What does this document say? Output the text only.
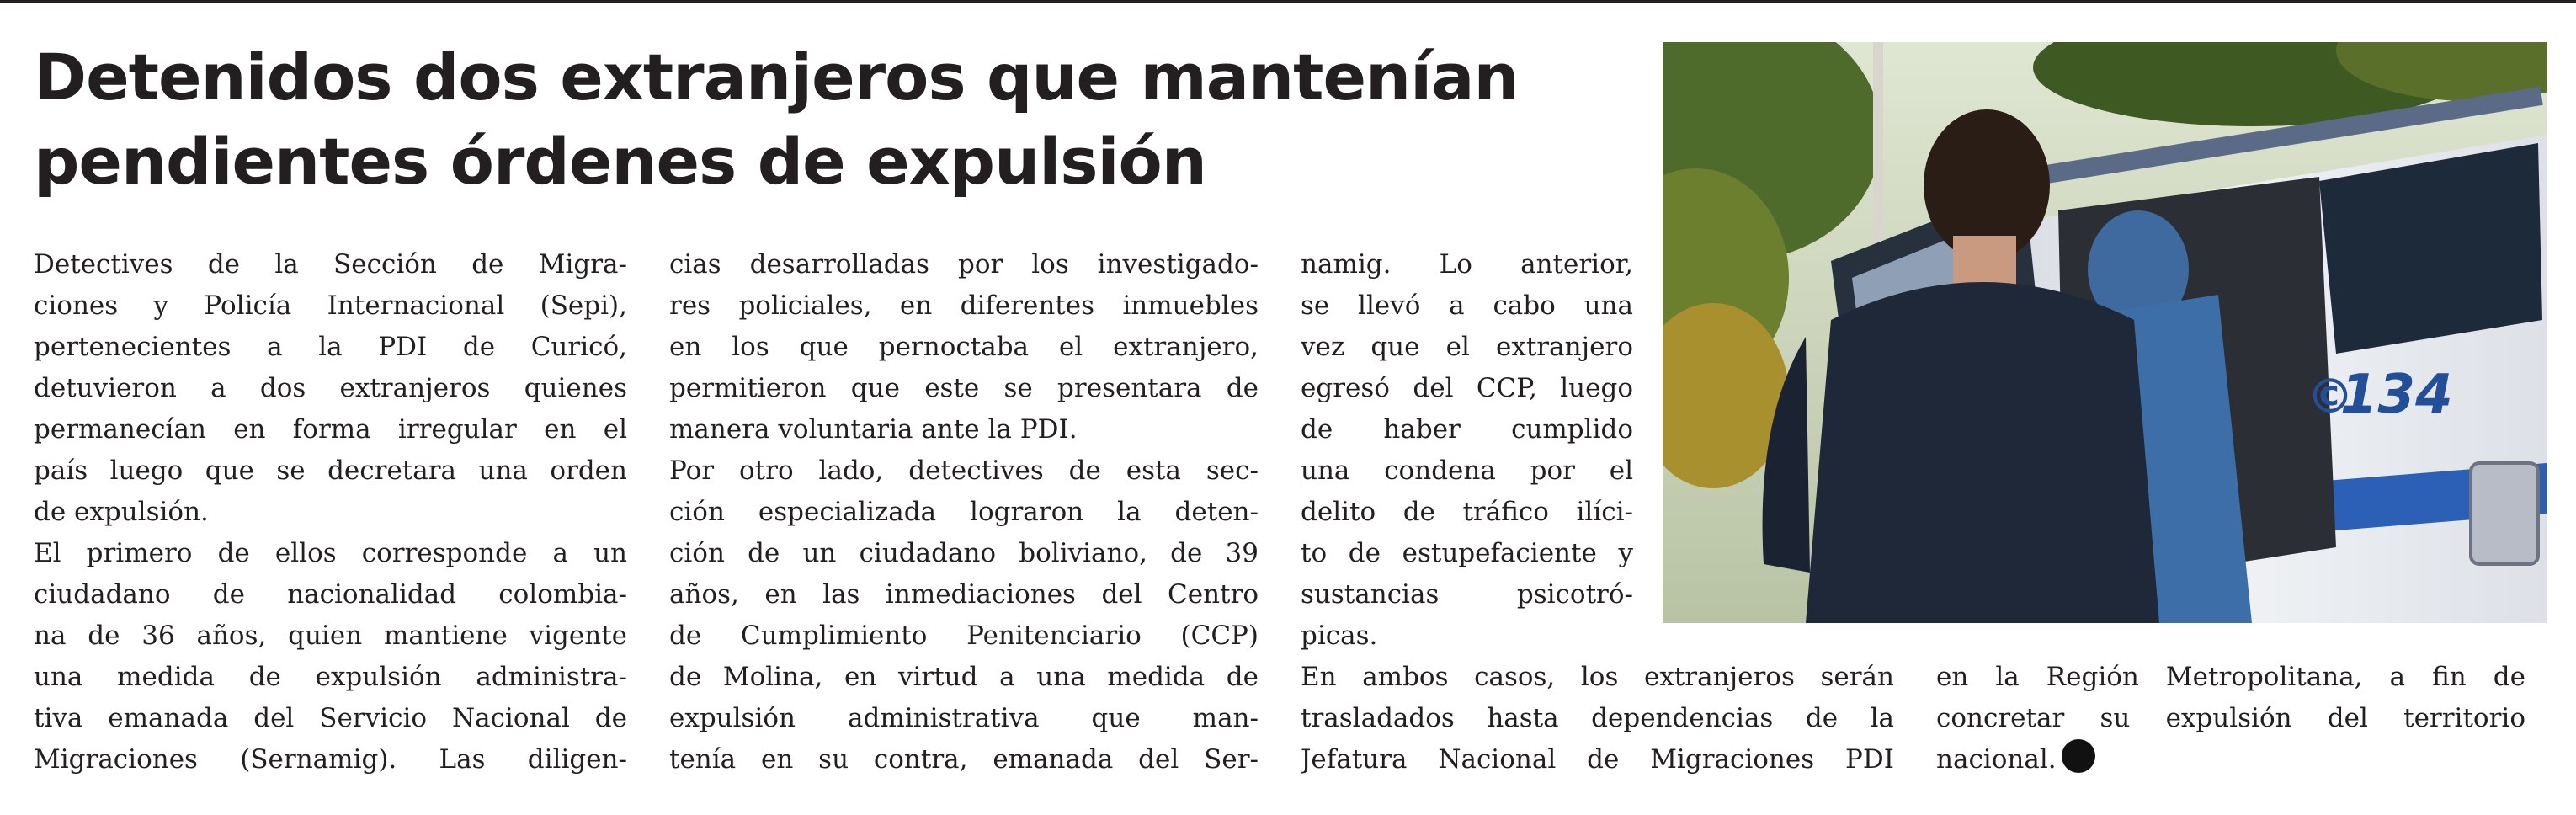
Detenidos dos extranjeros que mantenían
pendientes órdenes de expulsión
Detectives de la Sección de Migra-
ciones y Policía Internacional (Sepi),
pertenecientes a la PDI de Curicó,
detuvieron a dos extranjeros quienes
permanecían en forma irregular en el
país luego que se decretara una orden
de expulsión.
El primero de ellos corresponde a un
ciudadano de nacionalidad colombia-
na de 36 años, quien mantiene vigente
una medida de expulsión administra-
tiva emanada del Servicio Nacional de
Migraciones (Sernamig). Las diligen-
cias desarrolladas por los investigado-
res policiales, en diferentes inmuebles
en los que pernoctaba el extranjero,
permitieron que este se presentara de
manera voluntaria ante la PDI.
Por otro lado, detectives de esta sec-
ción especializada lograron la deten-
ción de un ciudadano boliviano, de 39
años, en las inmediaciones del Centro
de Cumplimiento Penitenciario (CCP)
de Molina, en virtud a una medida de
expulsión administrativa que man-
tenía en su contra, emanada del Ser-
namig. Lo anterior,
se llevó a cabo una
vez que el extranjero
egresó del CCP, luego
de haber cumplido
una condena por el
delito de tráfico ilíci-
to de estupefaciente y
sustancias psicotró-
picas.
En ambos casos, los extranjeros serán
trasladados hasta dependencias de la
Jefatura Nacional de Migraciones PDI
en la Región Metropolitana, a fin de
concretar su expulsión del territorio
nacional.
134
©
